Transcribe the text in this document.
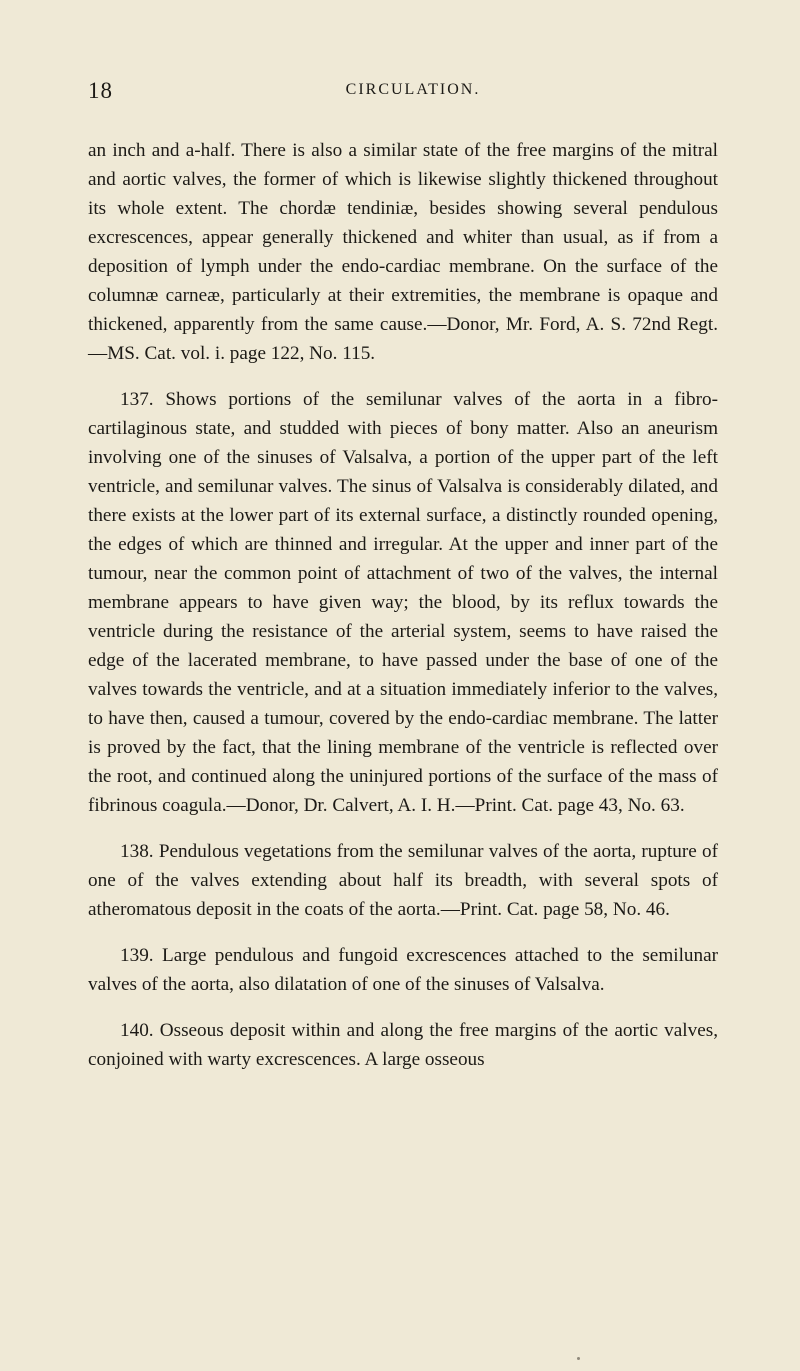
18	CIRCULATION.

an inch and a-half. There is also a similar state of the free margins of the mitral and aortic valves, the former of which is likewise slightly thickened throughout its whole extent. The chordæ tendiniæ, besides showing several pendulous excrescences, appear generally thickened and whiter than usual, as if from a deposition of lymph under the endo-cardiac membrane. On the surface of the columnæ carneæ, particularly at their extremities, the membrane is opaque and thickened, apparently from the same cause.—Donor, Mr. Ford, A. S. 72nd Regt.—MS. Cat. vol. i. page 122, No. 115.

137. Shows portions of the semilunar valves of the aorta in a fibro-cartilaginous state, and studded with pieces of bony matter. Also an aneurism involving one of the sinuses of Valsalva, a portion of the upper part of the left ventricle, and semilunar valves. The sinus of Valsalva is considerably dilated, and there exists at the lower part of its external surface, a distinctly rounded opening, the edges of which are thinned and irregular. At the upper and inner part of the tumour, near the common point of attachment of two of the valves, the internal membrane appears to have given way; the blood, by its reflux towards the ventricle during the resistance of the arterial system, seems to have raised the edge of the lacerated membrane, to have passed under the base of one of the valves towards the ventricle, and at a situation immediately inferior to the valves, to have then, caused a tumour, covered by the endo-cardiac membrane. The latter is proved by the fact, that the lining membrane of the ventricle is reflected over the root, and continued along the uninjured portions of the surface of the mass of fibrinous coagula.—Donor, Dr. Calvert, A. I. H.—Print. Cat. page 43, No. 63.

138. Pendulous vegetations from the semilunar valves of the aorta, rupture of one of the valves extending about half its breadth, with several spots of atheromatous deposit in the coats of the aorta.—Print. Cat. page 58, No. 46.

139. Large pendulous and fungoid excrescences attached to the semilunar valves of the aorta, also dilatation of one of the sinuses of Valsalva.

140. Osseous deposit within and along the free margins of the aortic valves, conjoined with warty excrescences. A large osseous
